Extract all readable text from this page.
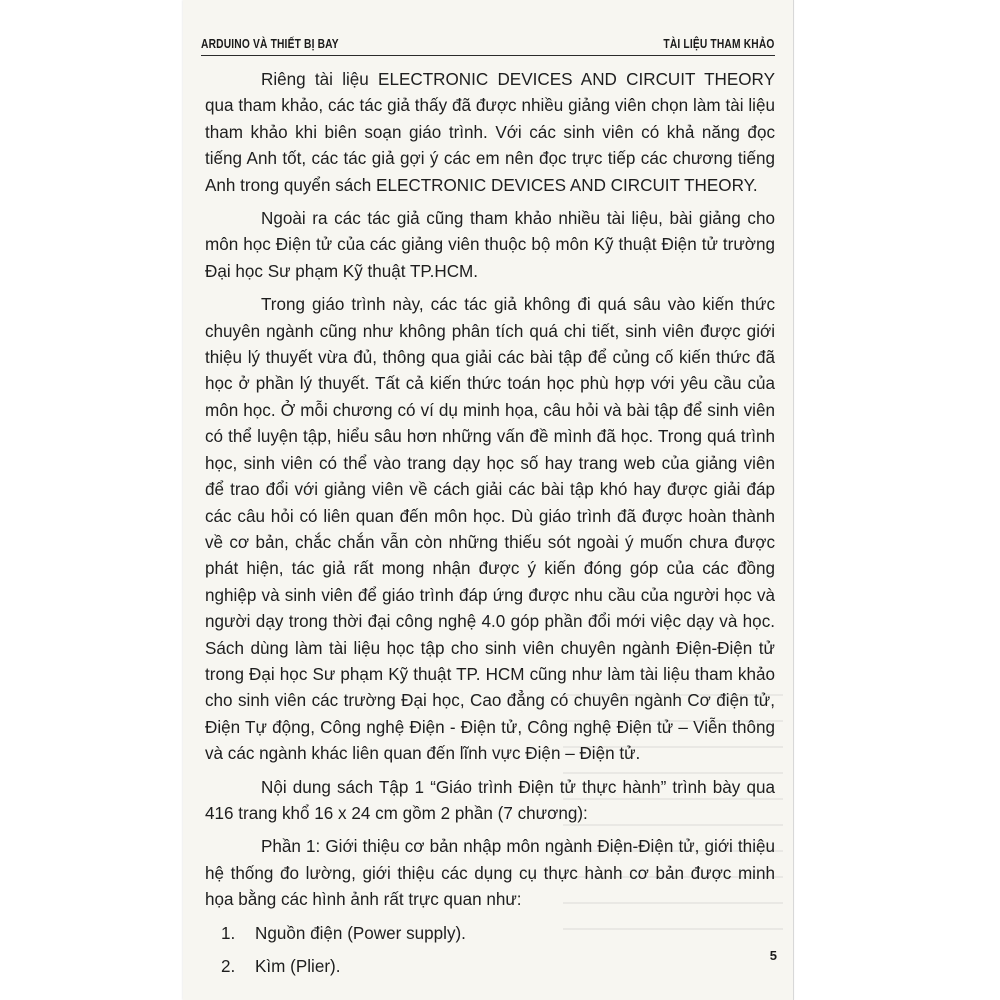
ARDUINO VÀ THIẾT BỊ BAY	TÀI LIỆU THAM KHẢO

Riêng tài liệu ELECTRONIC DEVICES AND CIRCUIT THEORY qua tham khảo, các tác giả thấy đã được nhiều giảng viên chọn làm tài liệu tham khảo khi biên soạn giáo trình. Với các sinh viên có khả năng đọc tiếng Anh tốt, các tác giả gợi ý các em nên đọc trực tiếp các chương tiếng Anh trong quyển sách ELECTRONIC DEVICES AND CIRCUIT THEORY.

Ngoài ra các tác giả cũng tham khảo nhiều tài liệu, bài giảng cho môn học Điện tử của các giảng viên thuộc bộ môn Kỹ thuật Điện tử trường Đại học Sư phạm Kỹ thuật TP.HCM.

Trong giáo trình này, các tác giả không đi quá sâu vào kiến thức chuyên ngành cũng như không phân tích quá chi tiết, sinh viên được giới thiệu lý thuyết vừa đủ, thông qua giải các bài tập để củng cố kiến thức đã học ở phần lý thuyết. Tất cả kiến thức toán học phù hợp với yêu cầu của môn học. Ở mỗi chương có ví dụ minh họa, câu hỏi và bài tập để sinh viên có thể luyện tập, hiểu sâu hơn những vấn đề mình đã học. Trong quá trình học, sinh viên có thể vào trang dạy học số hay trang web của giảng viên để trao đổi với giảng viên về cách giải các bài tập khó hay được giải đáp các câu hỏi có liên quan đến môn học. Dù giáo trình đã được hoàn thành về cơ bản, chắc chắn vẫn còn những thiếu sót ngoài ý muốn chưa được phát hiện, tác giả rất mong nhận được ý kiến đóng góp của các đồng nghiệp và sinh viên để giáo trình đáp ứng được nhu cầu của người học và người dạy trong thời đại công nghệ 4.0 góp phần đổi mới việc dạy và học. Sách dùng làm tài liệu học tập cho sinh viên chuyên ngành Điện-Điện tử trong Đại học Sư phạm Kỹ thuật TP. HCM cũng như làm tài liệu tham khảo cho sinh viên các trường Đại học, Cao đẳng có chuyên ngành Cơ điện tử, Điện Tự động, Công nghệ Điện - Điện tử, Công nghệ Điện tử – Viễn thông và các ngành khác liên quan đến lĩnh vực Điện – Điện tử.

Nội dung sách Tập 1 “Giáo trình Điện tử thực hành” trình bày qua 416 trang khổ 16 x 24 cm gồm 2 phần (7 chương):

Phần 1: Giới thiệu cơ bản nhập môn ngành Điện-Điện tử, giới thiệu hệ thống đo lường, giới thiệu các dụng cụ thực hành cơ bản được minh họa bằng các hình ảnh rất trực quan như:

1. Nguồn điện (Power supply).
2. Kìm (Plier).
5
